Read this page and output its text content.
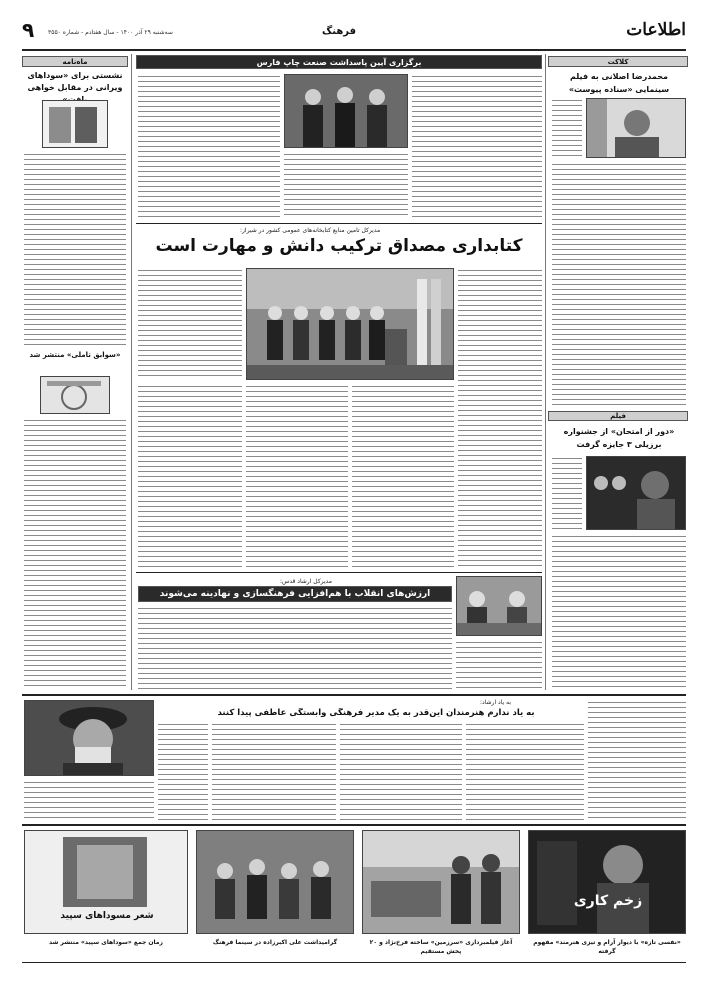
اطلاعات
فرهنگ
۹ سه‌شنبه ۲۹ آذر ۱۴۰۰ - سال هفتادم - شماره ۳۵۵۰
کلاکت
محمدرضا اصلانی به فیلم سینمایی «سناده پیوست»
فیلم
«دور از امتحان» از جشنواره برزیلی ۳ جایزه گرفت
ماه‌نامه
نشستی برای «سوداهای ویرانی در مقابل خواهی
«سوابق تاملی» منتشر شد
برگزاری آیین پاسداشت صنعت چاپ فارس
مدیرکل تامین منابع کتابخانه‌های عمومی کشور در شیراز:
کتابداری مصداق ترکیب دانش و مهارت است
مدیرکل ارشاد قدس:
ارزش‌های انقلاب با هم‌افزایی فرهنگسازی و نهادینه می‌شوند
به یاد ارشاد:
به یاد ندارم هنرمندان این‌قدر به یک مدیر فرهنگی وابستگی عاطفی پیدا کنند
زخم کاری
«نفسی تازه» با دیوار آرام و تیزی هنرمند» مفهوم گرفته
آغاز فیلمبرداری «سرزمین» ساخته فرخ‌نژاد و ۲۰ پخش مستقیم
گرامیداشت علی اکبرزاده در سینما فرهنگ
شعر مسوداهای سپید
زمان جمع «سوداهای سپید» منتشر شد
